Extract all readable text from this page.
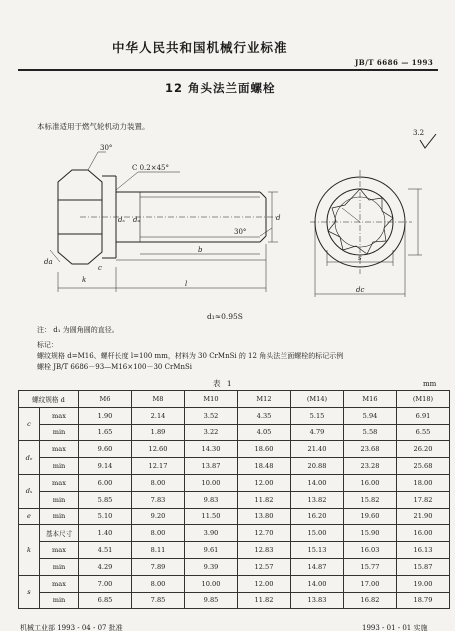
中华人民共和国机械行业标准
JB/T 6686 — 1993
12 角头法兰面螺栓
本标准适用于燃气轮机动力装置。
3.2
30°
C 0.2×45°
30°
d
dₛ dₐ
k
c
b
l
da	s
dc
d₁≈0.95S
注： d₁ 为圆角圆的直径。
标记：
螺纹规格 d=M16、螺杆长度 l=100 mm，材料为 30 CrMnSi 的 12 角头法兰面螺栓的标记示例
螺栓 JB/T 6686－93—M16×100－30 CrMnSi
表 1	mm
螺纹规格 d		M6	M8	M10	M12	(M14)	M16	(M18)
c	max	1.90	2.14	3.52	4.35	5.15	5.94	6.91
	min	1.65	1.89	3.22	4.05	4.79	5.58	6.55
dₑ	max	9.60	12.60	14.30	18.60	21.40	23.68	26.20
	min	9.14	12.17	13.87	18.48	20.88	23.28	25.68
dₛ	max	6.00	8.00	10.00	12.00	14.00	16.00	18.00
	min	5.85	7.83	9.83	11.82	13.82	15.82	17.82
e	min	5.10	9.20	11.50	13.80	16.20	19.60	21.90
k	基本尺寸	1.40	8.00	3.90	12.70	15.00	15.90	16.00
	max	4.51	8.11	9.61	12.83	15.13	16.03	16.13
	min	4.29	7.89	9.39	12.57	14.87	15.77	15.87
s	max	7.00	8.00	10.00	12.00	14.00	17.00	19.00
	min	6.85	7.85	9.85	11.82	13.83	16.82	18.79
机械工业部 1993 - 04 - 07 批准	1993 - 01 - 01 实施
